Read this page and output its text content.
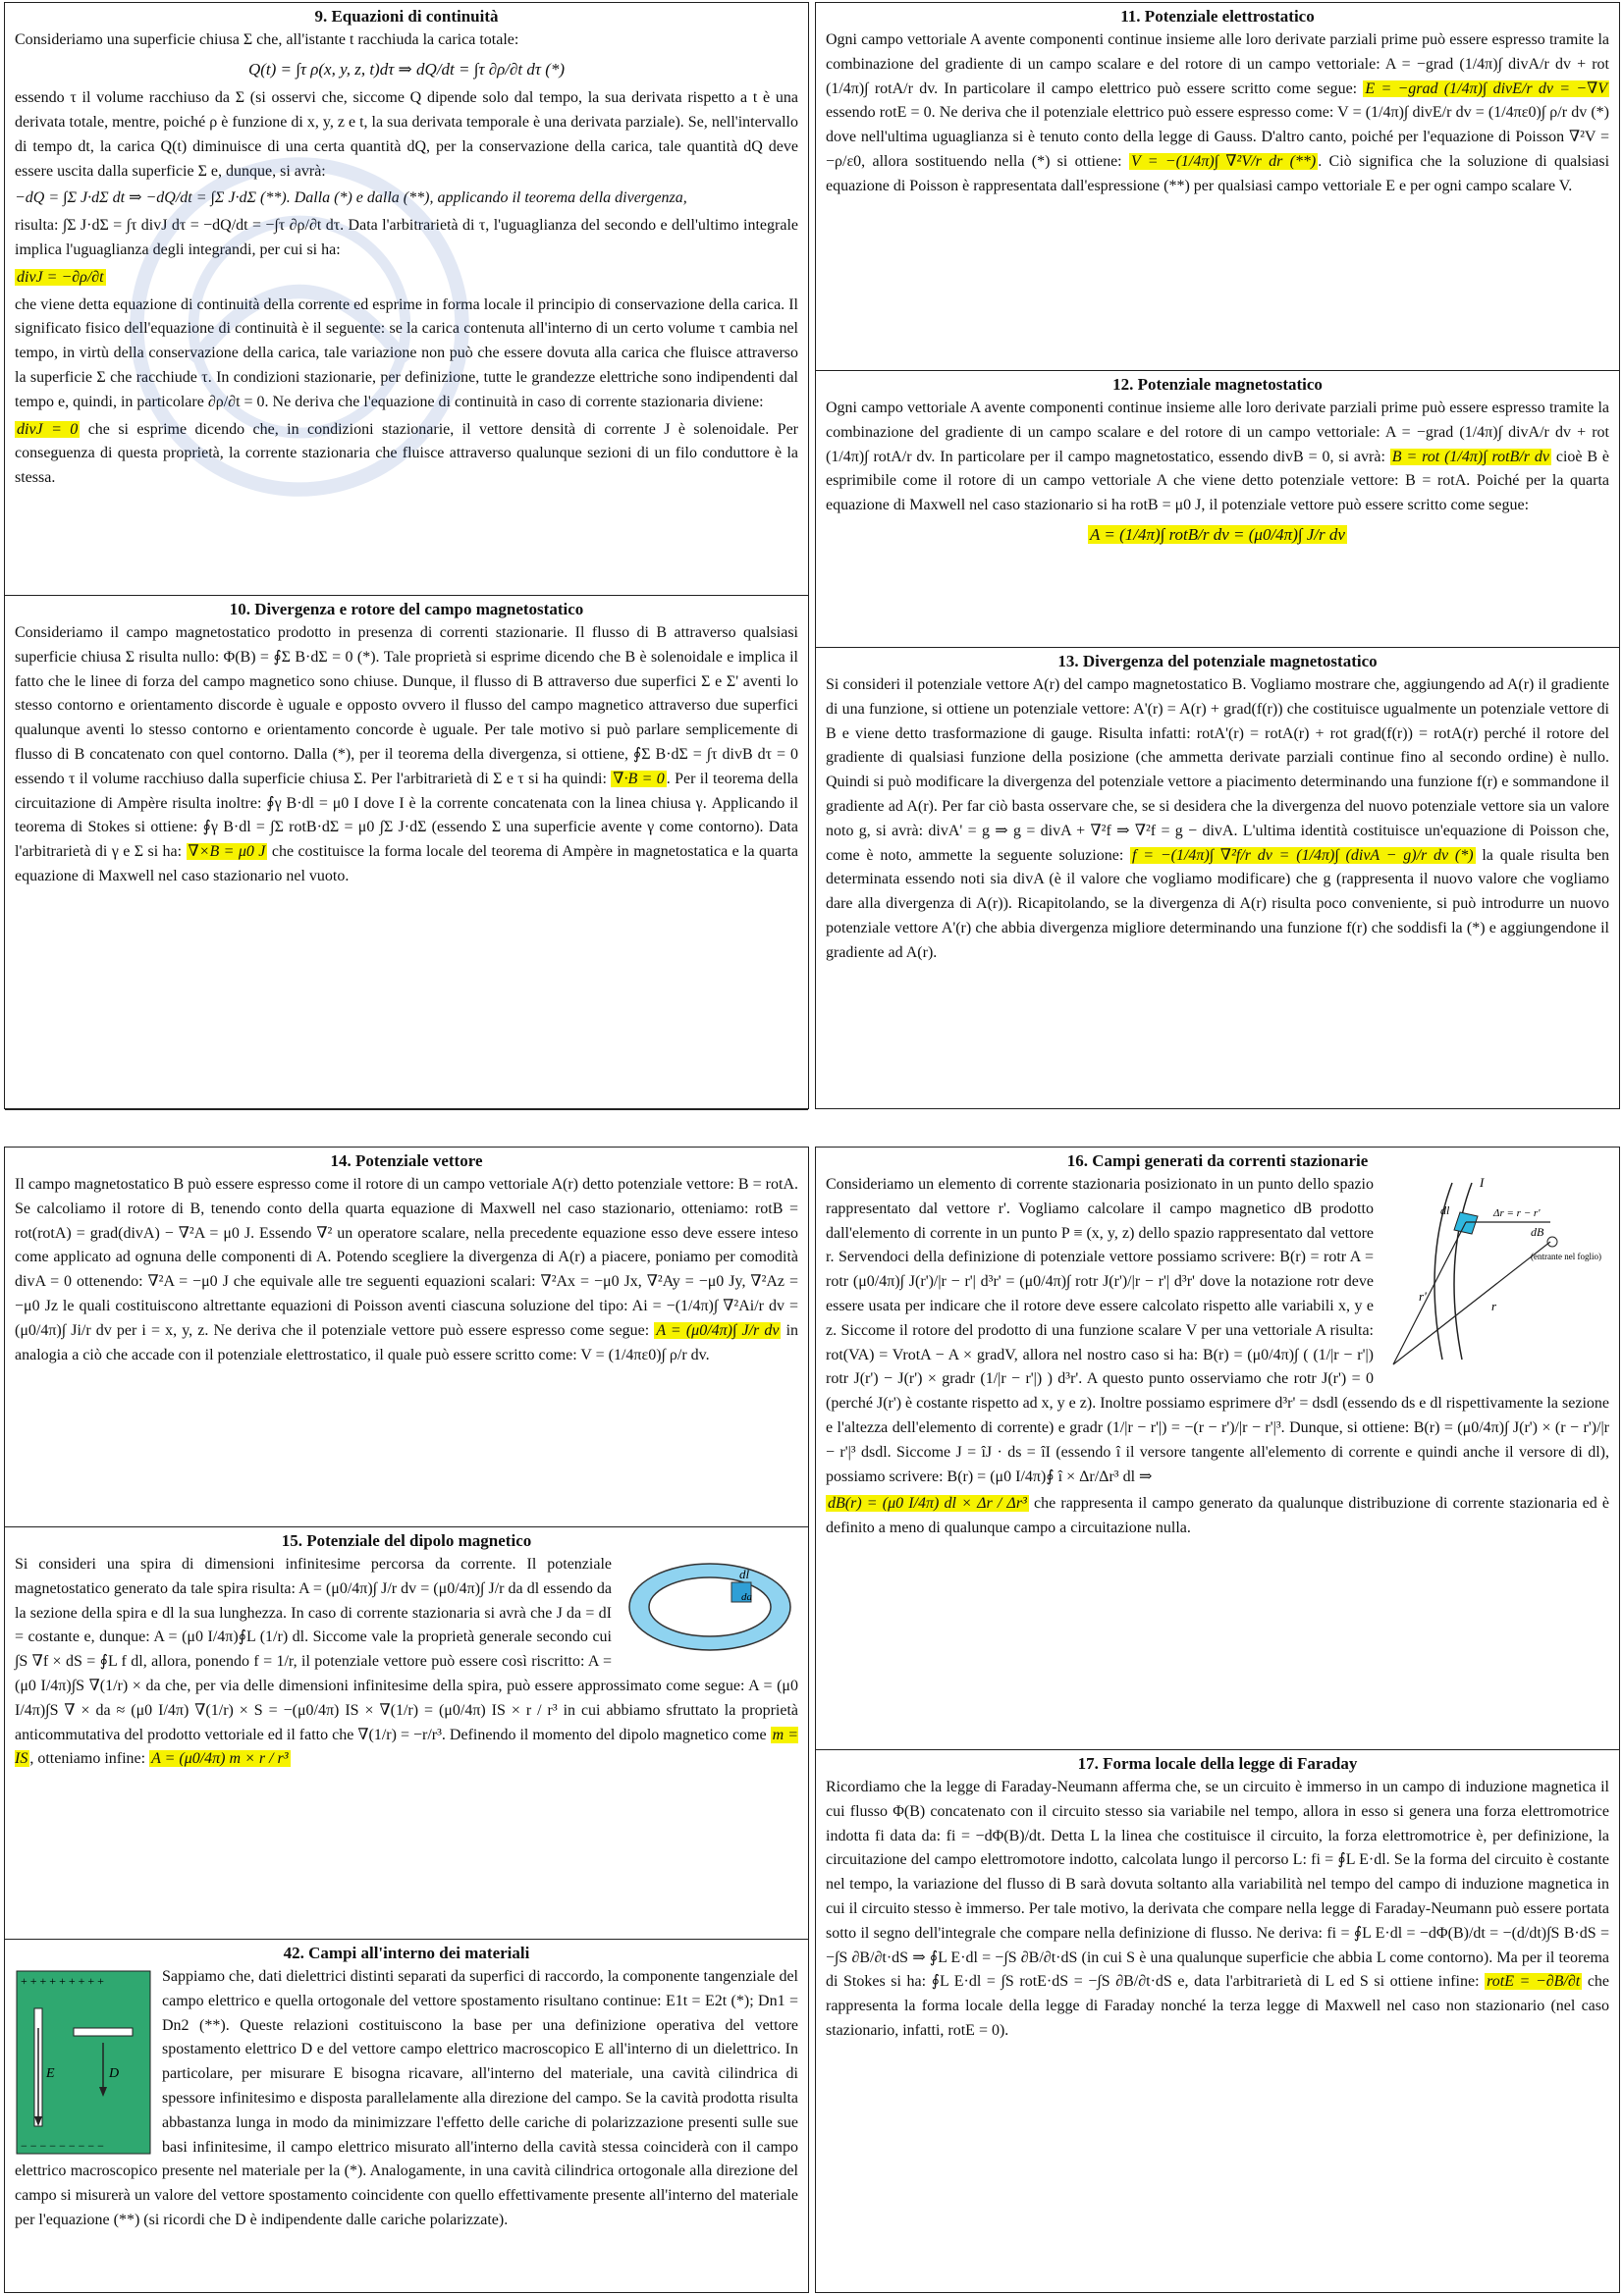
9. Equazioni di continuità

Consideriamo una superficie chiusa Σ che, all'istante t racchiuda la carica totale:

Q(t) = ∫τ ρ(x, y, z, t)dτ ⇒ dQ/dt = ∫τ ∂ρ/∂t dτ (*)

essendo τ il volume racchiuso da Σ (si osservi che, siccome Q dipende solo dal tempo, la sua derivata rispetto a t è una derivata totale, mentre, poiché ρ è funzione di x, y, z e t, la sua derivata temporale è una derivata parziale). Se, nell'intervallo di tempo dt, la carica Q(t) diminuisce di una certa quantità dQ, per la conservazione della carica, tale quantità dQ deve essere uscita dalla superficie Σ e, dunque, si avrà:

−dQ = ∫Σ J·dΣ dt ⇒ −dQ/dt = ∫Σ J·dΣ (**). Dalla (*) e dalla (**), applicando il teorema della divergenza,

risulta: ∫Σ J·dΣ = ∫τ divJ dτ = −dQ/dt = −∫τ ∂ρ/∂t dτ. Data l'arbitrarietà di τ, l'uguaglianza del secondo e dell'ultimo integrale implica l'uguaglianza degli integrandi, per cui si ha:

divJ = −∂ρ/∂t

che viene detta equazione di continuità della corrente ed esprime in forma locale il principio di conservazione della carica. Il significato fisico dell'equazione di continuità è il seguente: se la carica contenuta all'interno di un certo volume τ cambia nel tempo, in virtù della conservazione della carica, tale variazione non può che essere dovuta alla carica che fluisce attraverso la superficie Σ che racchiude τ. In condizioni stazionarie, per definizione, tutte le grandezze elettriche sono indipendenti dal tempo e, quindi, in particolare ∂ρ/∂t = 0. Ne deriva che l'equazione di continuità in caso di corrente stazionaria diviene:

divJ = 0 che si esprime dicendo che, in condizioni stazionarie, il vettore densità di corrente J è solenoidale. Per conseguenza di questa proprietà, la corrente stazionaria che fluisce attraverso qualunque sezioni di un filo conduttore è la stessa.

10. Divergenza e rotore del campo magnetostatico

Consideriamo il campo magnetostatico prodotto in presenza di correnti stazionarie. Il flusso di B attraverso qualsiasi superficie chiusa Σ risulta nullo: Φ(B) = ∮Σ B·dΣ = 0 (*). Tale proprietà si esprime dicendo che B è solenoidale e implica il fatto che le linee di forza del campo magnetico sono chiuse. Dunque, il flusso di B attraverso due superfici Σ e Σ' aventi lo stesso contorno e orientamento discorde è uguale e opposto ovvero il flusso del campo magnetico attraverso due superfici qualunque aventi lo stesso contorno e orientamento concorde è uguale. Per tale motivo si può parlare semplicemente di flusso di B concatenato con quel contorno. Dalla (*), per il teorema della divergenza, si ottiene, ∮Σ B·dΣ = ∫τ divB dτ = 0 essendo τ il volume racchiuso dalla superficie chiusa Σ. Per l'arbitrarietà di Σ e τ si ha quindi: ∇·B = 0 . Per il teorema della circuitazione di Ampère risulta inoltre: ∮γ B·dl = μ0 I dove I è la corrente concatenata con la linea chiusa γ. Applicando il teorema di Stokes si ottiene: ∮γ B·dl = ∫Σ rotB·dΣ = μ0 ∫Σ J·dΣ (essendo Σ una superficie avente γ come contorno). Data l'arbitrarietà di γ e Σ si ha: ∇×B = μ0 J che costituisce la forma locale del teorema di Ampère in magnetostatica e la quarta equazione di Maxwell nel caso stazionario nel vuoto.

11. Potenziale elettrostatico

Ogni campo vettoriale A avente componenti continue insieme alle loro derivate parziali prime può essere espresso tramite la combinazione del gradiente di un campo scalare e del rotore di un campo vettoriale: A = −grad (1/4π)∫ divA/r dv + rot (1/4π)∫ rotA/r dv. In particolare il campo elettrico può essere scritto come segue: E = −grad (1/4π)∫ divE/r dv = −∇V essendo rotE = 0. Ne deriva che il potenziale elettrico può essere espresso come: V = (1/4π)∫ divE/r dv = (1/4πε0)∫ ρ/r dv (*) dove nell'ultima uguaglianza si è tenuto conto della legge di Gauss. D'altro canto, poiché per l'equazione di Poisson ∇²V = −ρ/ε0, allora sostituendo nella (*) si ottiene: V = −(1/4π)∫ ∇²V/r dr (**) . Ciò significa che la soluzione di qualsiasi equazione di Poisson è rappresentata dall'espressione (**) per qualsiasi campo vettoriale E e per ogni campo scalare V.

12. Potenziale magnetostatico

Ogni campo vettoriale A avente componenti continue insieme alle loro derivate parziali prime può essere espresso tramite la combinazione del gradiente di un campo scalare e del rotore di un campo vettoriale: A = −grad (1/4π)∫ divA/r dv + rot (1/4π)∫ rotA/r dv. In particolare per il campo magnetostatico, essendo divB = 0, si avrà: B = rot (1/4π)∫ rotB/r dv cioè B è esprimibile come il rotore di un campo vettoriale A che viene detto potenziale vettore: B = rotA. Poiché per la quarta equazione di Maxwell nel caso stazionario si ha rotB = μ0 J, il potenziale vettore può essere scritto come segue:

A = (1/4π)∫ rotB/r dv = (μ0/4π)∫ J/r dv
13. Divergenza del potenziale magnetostatico

Si consideri il potenziale vettore A(r) del campo magnetostatico B. Vogliamo mostrare che, aggiungendo ad A(r) il gradiente di una funzione, si ottiene un potenziale vettore: A'(r) = A(r) + grad(f(r)) che costituisce ugualmente un potenziale vettore di B e viene detto trasformazione di gauge. Risulta infatti: rotA'(r) = rotA(r) + rot grad(f(r)) = rotA(r) perché il rotore del gradiente di qualsiasi funzione della posizione (che ammetta derivate parziali continue fino al secondo ordine) è nullo. Quindi si può modificare la divergenza del potenziale vettore a piacimento determinando una funzione f(r) e sommandone il gradiente ad A(r). Per far ciò basta osservare che, se si desidera che la divergenza del nuovo potenziale vettore sia un valore noto g, si avrà: divA' = g ⇒ g = divA + ∇²f ⇒ ∇²f = g − divA. L'ultima identità costituisce un'equazione di Poisson che, come è noto, ammette la seguente soluzione: f = −(1/4π)∫ ∇²f/r dv = (1/4π)∫ (divA − g)/r dv (*) la quale risulta ben determinata essendo noti sia divA (è il valore che vogliamo modificare) che g (rappresenta il nuovo valore che vogliamo dare alla divergenza di A(r)). Ricapitolando, se la divergenza di A(r) risulta poco conveniente, si può introdurre un nuovo potenziale vettore A'(r) che abbia divergenza migliore determinando una funzione f(r) che soddisfi la (*) e aggiungendone il gradiente ad A(r).

14. Potenziale vettore

Il campo magnetostatico B può essere espresso come il rotore di un campo vettoriale A(r) detto potenziale vettore: B = rotA. Se calcoliamo il rotore di B, tenendo conto della quarta equazione di Maxwell nel caso stazionario, otteniamo: rotB = rot(rotA) = grad(divA) − ∇²A = μ0 J. Essendo ∇² un operatore scalare, nella precedente equazione esso deve essere inteso come applicato ad ognuna delle componenti di A. Potendo scegliere la divergenza di A(r) a piacere, poniamo per comodità divA = 0 ottenendo: ∇²A = −μ0 J che equivale alle tre seguenti equazioni scalari: ∇²Ax = −μ0 Jx, ∇²Ay = −μ0 Jy, ∇²Az = −μ0 Jz le quali costituiscono altrettante equazioni di Poisson aventi ciascuna soluzione del tipo: Ai = −(1/4π)∫ ∇²Ai/r dv = (μ0/4π)∫ Ji/r dv per i = x, y, z. Ne deriva che il potenziale vettore può essere espresso come segue: A = (μ0/4π)∫ J/r dv in analogia a ciò che accade con il potenziale elettrostatico, il quale può essere scritto come: V = (1/4πε0)∫ ρ/r dv.

15. Potenziale del dipolo magnetico
dl
da

Si consideri una spira di dimensioni infinitesime percorsa da corrente. Il potenziale magnetostatico generato da tale spira risulta: A = (μ0/4π)∫ J/r dv = (μ0/4π)∫ J/r da dl essendo da la sezione della spira e dl la sua lunghezza. In caso di corrente stazionaria si avrà che J da = dI = costante e, dunque: A = (μ0 I/4π)∮L (1/r) dl. Siccome vale la proprietà generale secondo cui ∫S ∇f × dS = ∮L f dl, allora, ponendo f = 1/r, il potenziale vettore può essere così riscritto: A = (μ0 I/4π)∫S ∇(1/r) × da che, per via delle dimensioni infinitesime della spira, può essere approssimato come segue: A = (μ0 I/4π)∫S ∇ × da ≈ (μ0 I/4π) ∇(1/r) × S = −(μ0/4π) IS × ∇(1/r) = (μ0/4π) IS × r / r³ in cui abbiamo sfruttato la proprietà anticommutativa del prodotto vettoriale ed il fatto che ∇(1/r) = −r/r³. Definendo il momento del dipolo magnetico come m = IS , otteniamo infine: A = (μ0/4π) m × r / r³

42. Campi all'interno dei materiali
+ + + + + + + + +
− − − − − − − − −
D
E

Sappiamo che, dati dielettrici distinti separati da superfici di raccordo, la componente tangenziale del campo elettrico e quella ortogonale del vettore spostamento risultano continue: E1t = E2t (*); Dn1 = Dn2 (**). Queste relazioni costituiscono la base per una definizione operativa del vettore spostamento elettrico D e del vettore campo elettrico macroscopico E all'interno di un dielettrico. In particolare, per misurare E bisogna ricavare, all'interno del materiale, una cavità cilindrica di spessore infinitesimo e disposta parallelamente alla direzione del campo. Se la cavità prodotta risulta abbastanza lunga in modo da minimizzare l'effetto delle cariche di polarizzazione presenti sulle sue basi infinitesime, il campo elettrico misurato all'interno della cavità stessa coinciderà con il campo elettrico macroscopico presente nel materiale per la (*). Analogamente, in una cavità cilindrica ortogonale alla direzione del campo si misurerà un valore del vettore spostamento coincidente con quello effettivamente presente all'interno del materiale per l'equazione (**) (si ricordi che D è indipendente dalle cariche polarizzate).

16. Campi generati da correnti stazionarie
I
dl	Δr = r − r'
dB
(entrante nel foglio)
r
r'

Consideriamo un elemento di corrente stazionaria posizionato in un punto dello spazio rappresentato dal vettore r'. Vogliamo calcolare il campo magnetico dB prodotto dall'elemento di corrente in un punto P ≡ (x, y, z) dello spazio rappresentato dal vettore r. Servendoci della definizione di potenziale vettore possiamo scrivere: B(r) = rotr A = rotr (μ0/4π)∫ J(r')/|r − r'| d³r' = (μ0/4π)∫ rotr J(r')/|r − r'| d³r' dove la notazione rotr deve essere usata per indicare che il rotore deve essere calcolato rispetto alle variabili x, y e z. Siccome il rotore del prodotto di una funzione scalare V per una vettoriale A risulta: rot(VA) = VrotA − A × gradV, allora nel nostro caso si ha: B(r) = (μ0/4π)∫ ( (1/|r − r'|) rotr J(r') − J(r') × gradr (1/|r − r'|) ) d³r'. A questo punto osserviamo che rotr J(r') = 0 (perché J(r') è costante rispetto ad x, y e z). Inoltre possiamo esprimere d³r' = dsdl (essendo ds e dl rispettivamente la sezione e l'altezza dell'elemento di corrente) e gradr (1/|r − r'|) = −(r − r')/|r − r'|³. Dunque, si ottiene: B(r) = (μ0/4π)∫ J(r') × (r − r')/|r − r'|³ dsdl. Siccome J = îJ · ds = îI (essendo î il versore tangente all'elemento di corrente e quindi anche il versore di dl), possiamo scrivere: B(r) = (μ0 I/4π)∮ î × Δr/Δr³ dl ⇒

dB(r) = (μ0 I/4π) dl × Δr / Δr³ che rappresenta il campo generato da qualunque distribuzione di corrente stazionaria ed è definito a meno di qualunque campo a circuitazione nulla.

17. Forma locale della legge di Faraday

Ricordiamo che la legge di Faraday-Neumann afferma che, se un circuito è immerso in un campo di induzione magnetica il cui flusso Φ(B) concatenato con il circuito stesso sia variabile nel tempo, allora in esso si genera una forza elettromotrice indotta fi data da: fi = −dΦ(B)/dt. Detta L la linea che costituisce il circuito, la forza elettromotrice è, per definizione, la circuitazione del campo elettromotore indotto, calcolata lungo il percorso L: fi = ∮L E·dl. Se la forma del circuito è costante nel tempo, la variazione del flusso di B sarà dovuta soltanto alla variabilità nel tempo del campo di induzione magnetica in cui il circuito stesso è immerso. Per tale motivo, la derivata che compare nella legge di Faraday-Neumann può essere portata sotto il segno dell'integrale che compare nella definizione di flusso. Ne deriva: fi = ∮L E·dl = −dΦ(B)/dt = −(d/dt)∫S B·dS = −∫S ∂B/∂t·dS ⇒ ∮L E·dl = −∫S ∂B/∂t·dS (in cui S è una qualunque superficie che abbia L come contorno). Ma per il teorema di Stokes si ha: ∮L E·dl = ∫S rotE·dS = −∫S ∂B/∂t·dS e, data l'arbitrarietà di L ed S si ottiene infine: rotE = −∂B/∂t che rappresenta la forma locale della legge di Faraday nonché la terza legge di Maxwell nel caso non stazionario (nel caso stazionario, infatti, rotE = 0).
